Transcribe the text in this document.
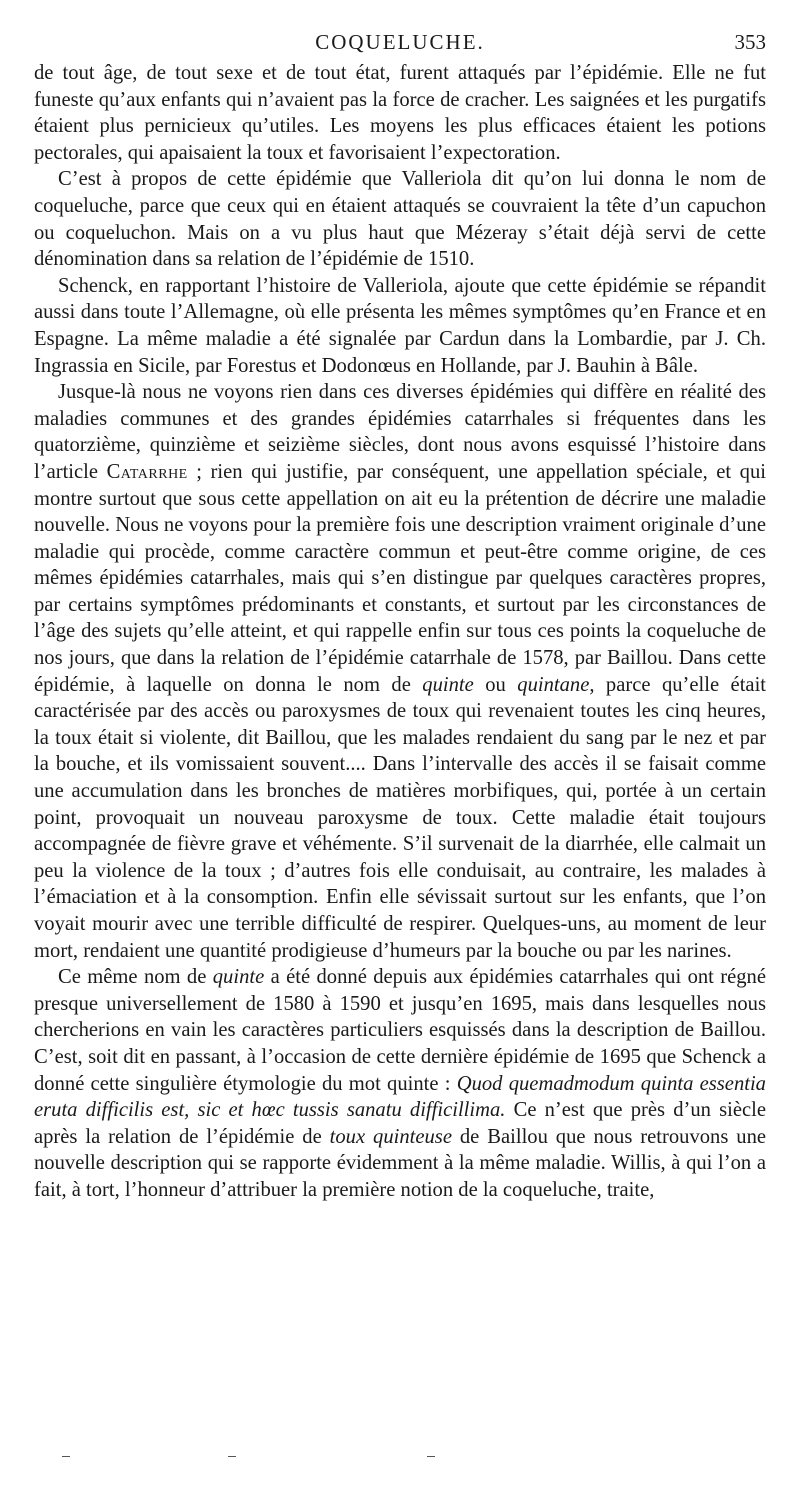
COQUELUCHE.	353

de tout âge, de tout sexe et de tout état, furent attaqués par l’épidémie. Elle ne fut funeste qu’aux enfants qui n’avaient pas la force de cracher. Les saignées et les purgatifs étaient plus pernicieux qu’utiles. Les moyens les plus efficaces étaient les potions pectorales, qui apaisaient la toux et favorisaient l’expectoration.

C’est à propos de cette épidémie que Valleriola dit qu’on lui donna le nom de coqueluche, parce que ceux qui en étaient attaqués se couvraient la tête d’un capuchon ou coqueluchon. Mais on a vu plus haut que Mézeray s’était déjà servi de cette dénomination dans sa relation de l’épidémie de 1510.

Schenck, en rapportant l’histoire de Valleriola, ajoute que cette épidémie se répandit aussi dans toute l’Allemagne, où elle présenta les mêmes symptômes qu’en France et en Espagne. La même maladie a été signalée par Cardun dans la Lombardie, par J. Ch. Ingrassia en Sicile, par Forestus et Dodonœus en Hollande, par J. Bauhin à Bâle.

Jusque-là nous ne voyons rien dans ces diverses épidémies qui diffère en réalité des maladies communes et des grandes épidémies catarrhales si fréquentes dans les quatorzième, quinzième et seizième siècles, dont nous avons esquissé l’histoire dans l’article Catarrhe ; rien qui justifie, par conséquent, une appellation spéciale, et qui montre surtout que sous cette appellation on ait eu la prétention de décrire une maladie nouvelle. Nous ne voyons pour la première fois une description vraiment originale d’une maladie qui procède, comme caractère commun et peut-être comme origine, de ces mêmes épidémies catarrhales, mais qui s’en distingue par quelques caractères propres, par certains symptômes prédominants et constants, et surtout par les circonstances de l’âge des sujets qu’elle atteint, et qui rappelle enfin sur tous ces points la coqueluche de nos jours, que dans la relation de l’épidémie catarrhale de 1578, par Baillou. Dans cette épidémie, à laquelle on donna le nom de quinte ou quintane, parce qu’elle était caractérisée par des accès ou paroxysmes de toux qui revenaient toutes les cinq heures, la toux était si violente, dit Baillou, que les malades rendaient du sang par le nez et par la bouche, et ils vomissaient souvent.... Dans l’intervalle des accès il se faisait comme une accumulation dans les bronches de matières morbifiques, qui, portée à un certain point, provoquait un nouveau paroxysme de toux. Cette maladie était toujours accompagnée de fièvre grave et véhémente. S’il survenait de la diarrhée, elle calmait un peu la violence de la toux ; d’autres fois elle conduisait, au contraire, les malades à l’émaciation et à la consomption. Enfin elle sévissait surtout sur les enfants, que l’on voyait mourir avec une terrible difficulté de respirer. Quelques-uns, au moment de leur mort, rendaient une quantité prodigieuse d’humeurs par la bouche ou par les narines.

Ce même nom de quinte a été donné depuis aux épidémies catarrhales qui ont régné presque universellement de 1580 à 1590 et jusqu’en 1695, mais dans lesquelles nous chercherions en vain les caractères particuliers esquissés dans la description de Baillou. C’est, soit dit en passant, à l’occasion de cette dernière épidémie de 1695 que Schenck a donné cette singulière étymologie du mot quinte : Quod quemadmodum quinta essentia eruta difficilis est, sic et hœc tussis sanatu difficillima. Ce n’est que près d’un siècle après la relation de l’épidémie de toux quinteuse de Baillou que nous retrouvons une nouvelle description qui se rapporte évidemment à la même maladie. Willis, à qui l’on a fait, à tort, l’honneur d’attribuer la première notion de la coqueluche, traite,
